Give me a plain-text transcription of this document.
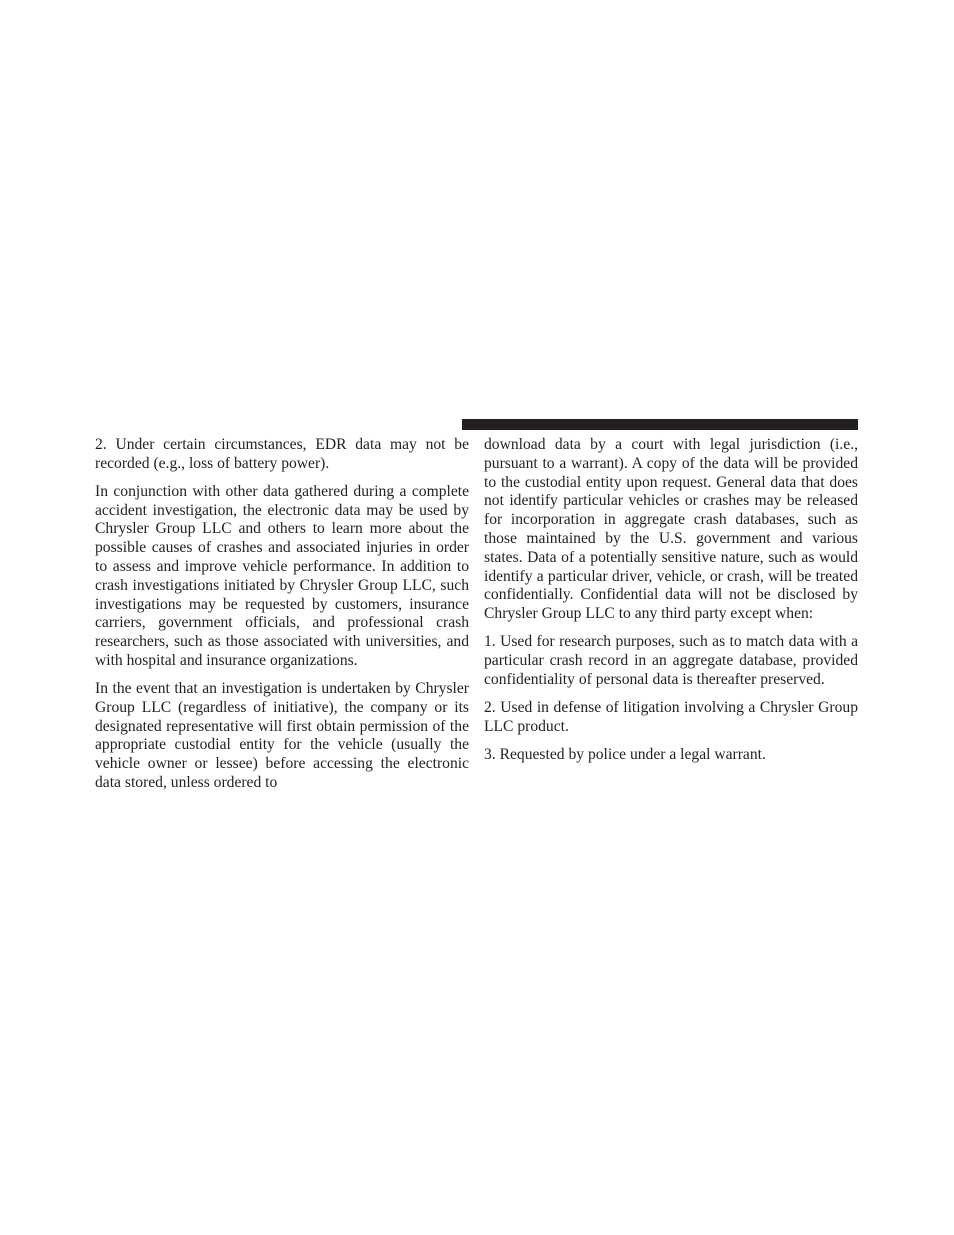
2. Under certain circumstances, EDR data may not be recorded (e.g., loss of battery power).

In conjunction with other data gathered during a complete accident investigation, the electronic data may be used by Chrysler Group LLC and others to learn more about the possible causes of crashes and associated injuries in order to assess and improve vehicle performance. In addition to crash investigations initiated by Chrysler Group LLC, such investigations may be requested by customers, insurance carriers, government officials, and professional crash researchers, such as those associated with universities, and with hospital and insurance organizations.

In the event that an investigation is undertaken by Chrysler Group LLC (regardless of initiative), the company or its designated representative will first obtain permission of the appropriate custodial entity for the vehicle (usually the vehicle owner or lessee) before accessing the electronic data stored, unless ordered to

download data by a court with legal jurisdiction (i.e., pursuant to a warrant). A copy of the data will be provided to the custodial entity upon request. General data that does not identify particular vehicles or crashes may be released for incorporation in aggregate crash databases, such as those maintained by the U.S. government and various states. Data of a potentially sensitive nature, such as would identify a particular driver, vehicle, or crash, will be treated confidentially. Confidential data will not be disclosed by Chrysler Group LLC to any third party except when:

1. Used for research purposes, such as to match data with a particular crash record in an aggregate database, provided confidentiality of personal data is thereafter preserved.

2. Used in defense of litigation involving a Chrysler Group LLC product.

3. Requested by police under a legal warrant.
